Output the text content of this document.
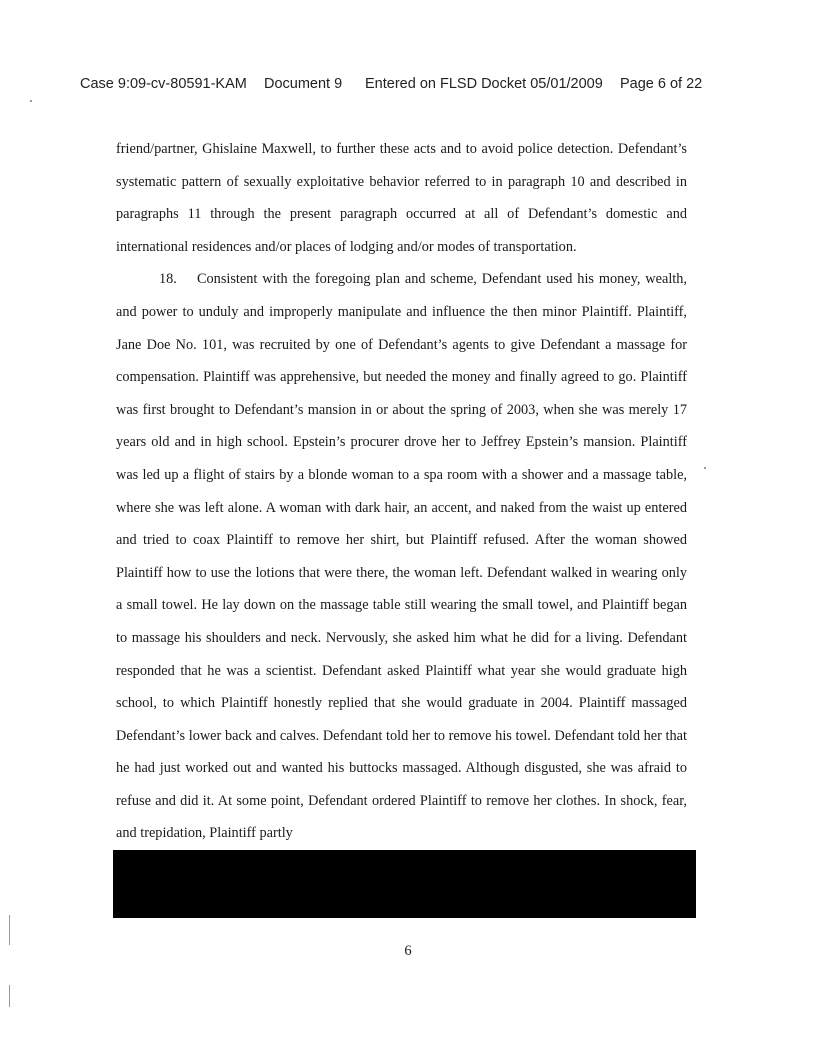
Case 9:09-cv-80591-KAM Document 9 Entered on FLSD Docket 05/01/2009 Page 6 of 22

friend/partner, Ghislaine Maxwell, to further these acts and to avoid police detection. Defendant’s systematic pattern of sexually exploitative behavior referred to in paragraph 10 and described in paragraphs 11 through the present paragraph occurred at all of Defendant’s domestic and international residences and/or places of lodging and/or modes of transportation.

18. Consistent with the foregoing plan and scheme, Defendant used his money, wealth, and power to unduly and improperly manipulate and influence the then minor Plaintiff. Plaintiff, Jane Doe No. 101, was recruited by one of Defendant’s agents to give Defendant a massage for compensation. Plaintiff was apprehensive, but needed the money and finally agreed to go. Plaintiff was first brought to Defendant’s mansion in or about the spring of 2003, when she was merely 17 years old and in high school. Epstein’s procurer drove her to Jeffrey Epstein’s mansion. Plaintiff was led up a flight of stairs by a blonde woman to a spa room with a shower and a massage table, where she was left alone. A woman with dark hair, an accent, and naked from the waist up entered and tried to coax Plaintiff to remove her shirt, but Plaintiff refused. After the woman showed Plaintiff how to use the lotions that were there, the woman left. Defendant walked in wearing only a small towel. He lay down on the massage table still wearing the small towel, and Plaintiff began to massage his shoulders and neck. Nervously, she asked him what he did for a living. Defendant responded that he was a scientist. Defendant asked Plaintiff what year she would graduate high school, to which Plaintiff honestly replied that she would graduate in 2004. Plaintiff massaged Defendant’s lower back and calves. Defendant told her to remove his towel. Defendant told her that he had just worked out and wanted his buttocks massaged. Although disgusted, she was afraid to refuse and did it. At some point, Defendant ordered Plaintiff to remove her clothes. In shock, fear, and trepidation, Plaintiff partly

6
